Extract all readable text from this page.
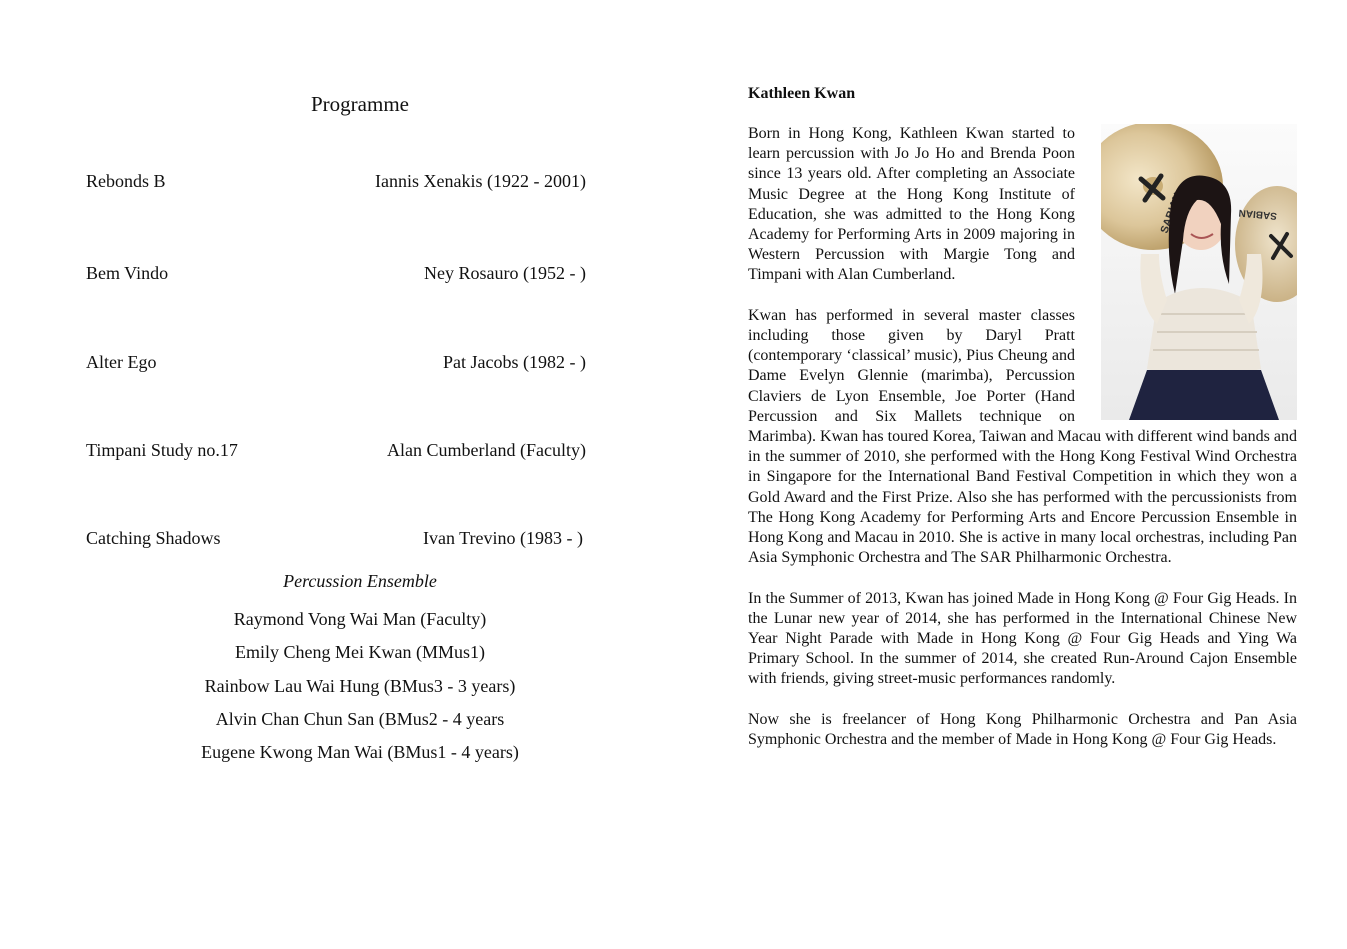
Programme
Rebonds B	Iannis Xenakis (1922 - 2001)
Bem Vindo	Ney Rosauro (1952 - )
Alter Ego	Pat Jacobs (1982 - )
Timpani Study no.17	Alan Cumberland (Faculty)
Catching Shadows	Ivan Trevino (1983 - )
Percussion Ensemble
Raymond Vong Wai Man (Faculty)
Emily Cheng Mei Kwan (MMus1)
Rainbow Lau Wai Hung (BMus3 - 3 years)
Alvin Chan Chun San (BMus2 - 4 years
Eugene Kwong Man Wai (BMus1 - 4 years)
Kathleen Kwan
SABIAN

Born in Hong Kong, Kathleen Kwan started to learn percussion with Jo Jo Ho and Brenda Poon since 13 years old. After completing an Associate Music Degree at the Hong Kong Institute of Education, she was admitted to the Hong Kong Academy for Performing Arts in 2009 majoring in Western Percussion with Margie Tong and Timpani with Alan Cumberland.

Kwan has performed in several master classes including those given by Daryl Pratt (contemporary ‘classical’ music), Pius Cheung and Dame Evelyn Glennie (marimba), Percussion Claviers de Lyon Ensemble, Joe Porter (Hand Percussion and Six Mallets technique on Marimba). Kwan has toured Korea, Taiwan and Macau with different wind bands and in the summer of 2010, she performed with the Hong Kong Festival Wind Orchestra in Singapore for the International Band Festival Competition in which they won a Gold Award and the First Prize. Also she has performed with the percussionists from The Hong Kong Academy for Performing Arts and Encore Percussion Ensemble in Hong Kong and Macau in 2010. She is active in many local orchestras, including Pan Asia Symphonic Orchestra and The SAR Philharmonic Orchestra.

In the Summer of 2013, Kwan has joined Made in Hong Kong @ Four Gig Heads. In the Lunar new year of 2014, she has performed in the International Chinese New Year Night Parade with Made in Hong Kong @ Four Gig Heads and Ying Wa Primary School. In the summer of 2014, she created Run-Around Cajon Ensemble with friends, giving street-music performances randomly.

Now she is freelancer of Hong Kong Philharmonic Orchestra and Pan Asia Symphonic Orchestra and the member of Made in Hong Kong @ Four Gig Heads.
